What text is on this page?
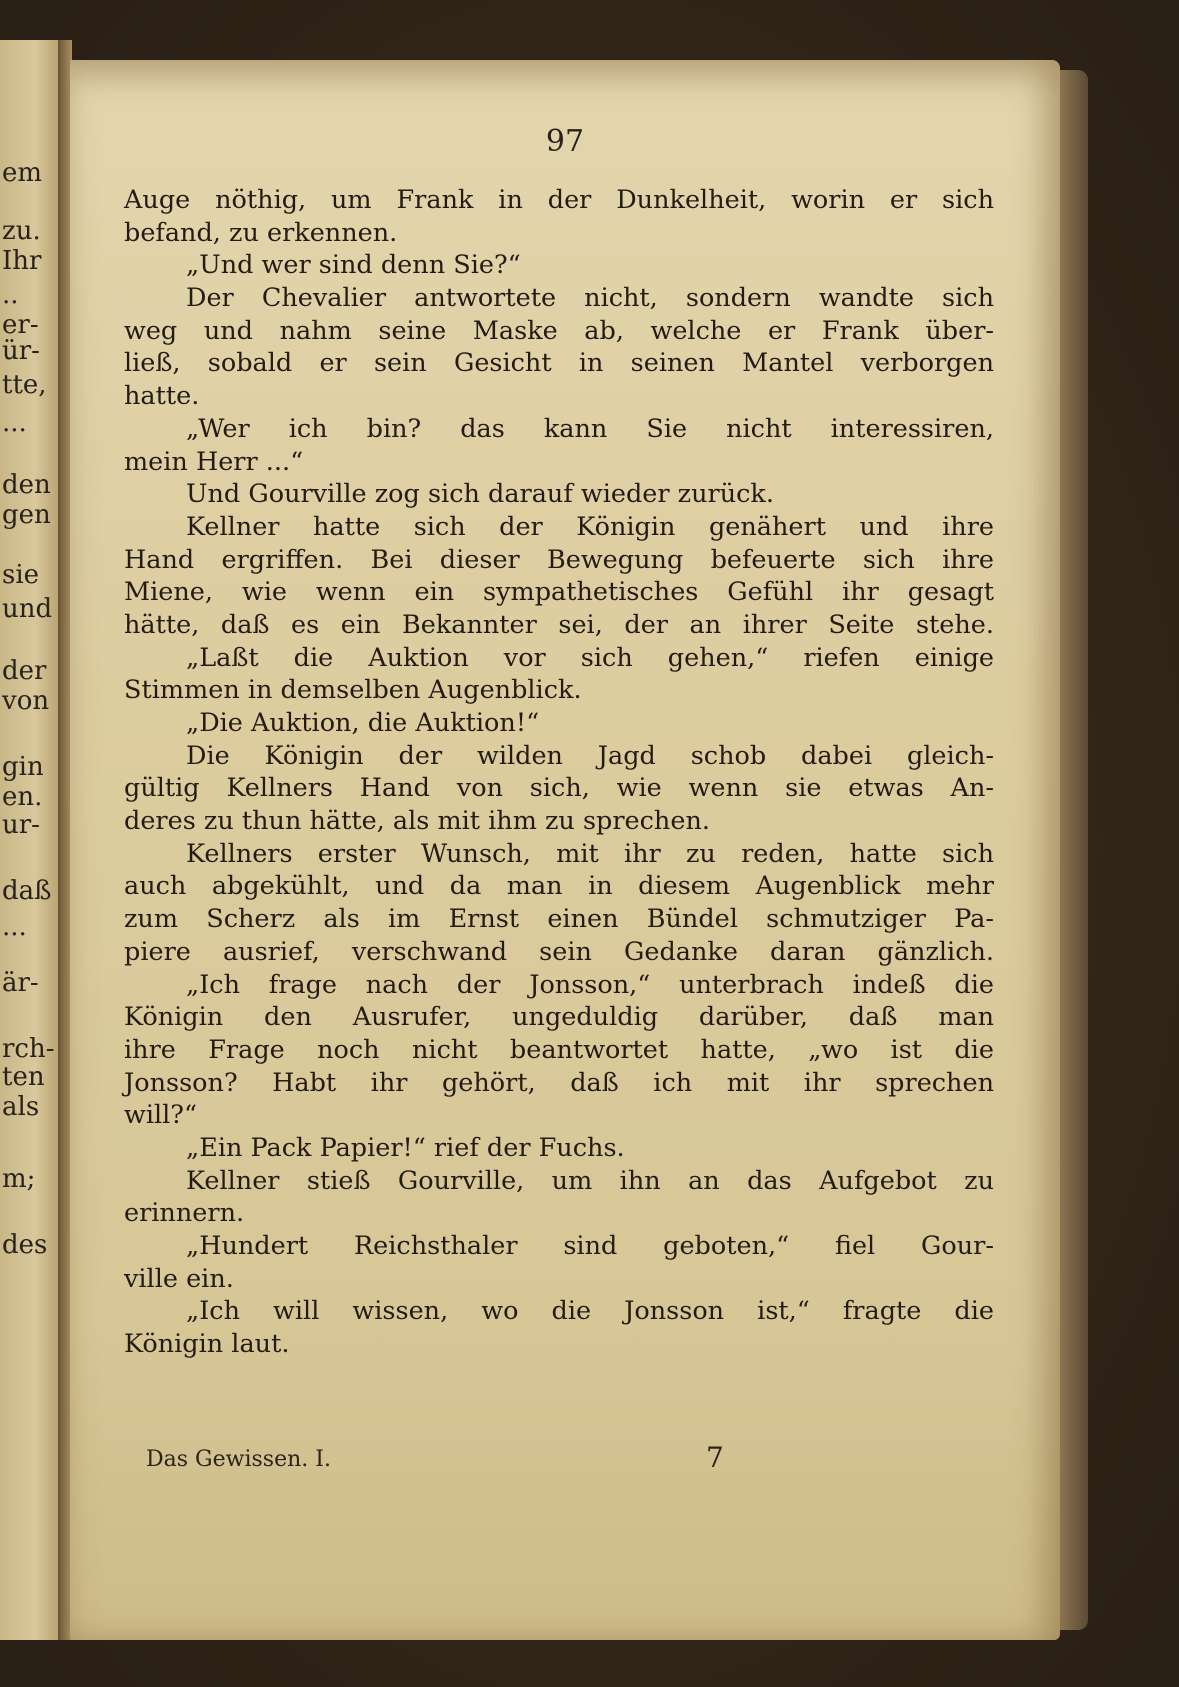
em
zu.
Ihr
..
er-
ür-
tte,
...
den
gen
sie
und
der
von
gin
en.
ur-
daß
...
är-
rch-
ten
als
m;
des
97
Auge nöthig, um Frank in der Dunkelheit, worin er sich
befand, zu erkennen.
„Und wer sind denn Sie?“
Der Chevalier antwortete nicht, sondern wandte sich
weg und nahm seine Maske ab, welche er Frank über-
ließ, sobald er sein Gesicht in seinen Mantel verborgen
hatte.
„Wer ich bin? das kann Sie nicht interessiren,
mein Herr ...“
Und Gourville zog sich darauf wieder zurück.
Kellner hatte sich der Königin genähert und ihre
Hand ergriffen. Bei dieser Bewegung befeuerte sich ihre
Miene, wie wenn ein sympathetisches Gefühl ihr gesagt
hätte, daß es ein Bekannter sei, der an ihrer Seite stehe.
„Laßt die Auktion vor sich gehen,“ riefen einige
Stimmen in demselben Augenblick.
„Die Auktion, die Auktion!“
Die Königin der wilden Jagd schob dabei gleich-
gültig Kellners Hand von sich, wie wenn sie etwas An-
deres zu thun hätte, als mit ihm zu sprechen.
Kellners erster Wunsch, mit ihr zu reden, hatte sich
auch abgekühlt, und da man in diesem Augenblick mehr
zum Scherz als im Ernst einen Bündel schmutziger Pa-
piere ausrief, verschwand sein Gedanke daran gänzlich.
„Ich frage nach der Jonsson,“ unterbrach indeß die
Königin den Ausrufer, ungeduldig darüber, daß man
ihre Frage noch nicht beantwortet hatte, „wo ist die
Jonsson? Habt ihr gehört, daß ich mit ihr sprechen
will?“
„Ein Pack Papier!“ rief der Fuchs.
Kellner stieß Gourville, um ihn an das Aufgebot zu
erinnern.
„Hundert Reichsthaler sind geboten,“ fiel Gour-
ville ein.
„Ich will wissen, wo die Jonsson ist,“ fragte die
Königin laut.
Das Gewissen. I.	7
